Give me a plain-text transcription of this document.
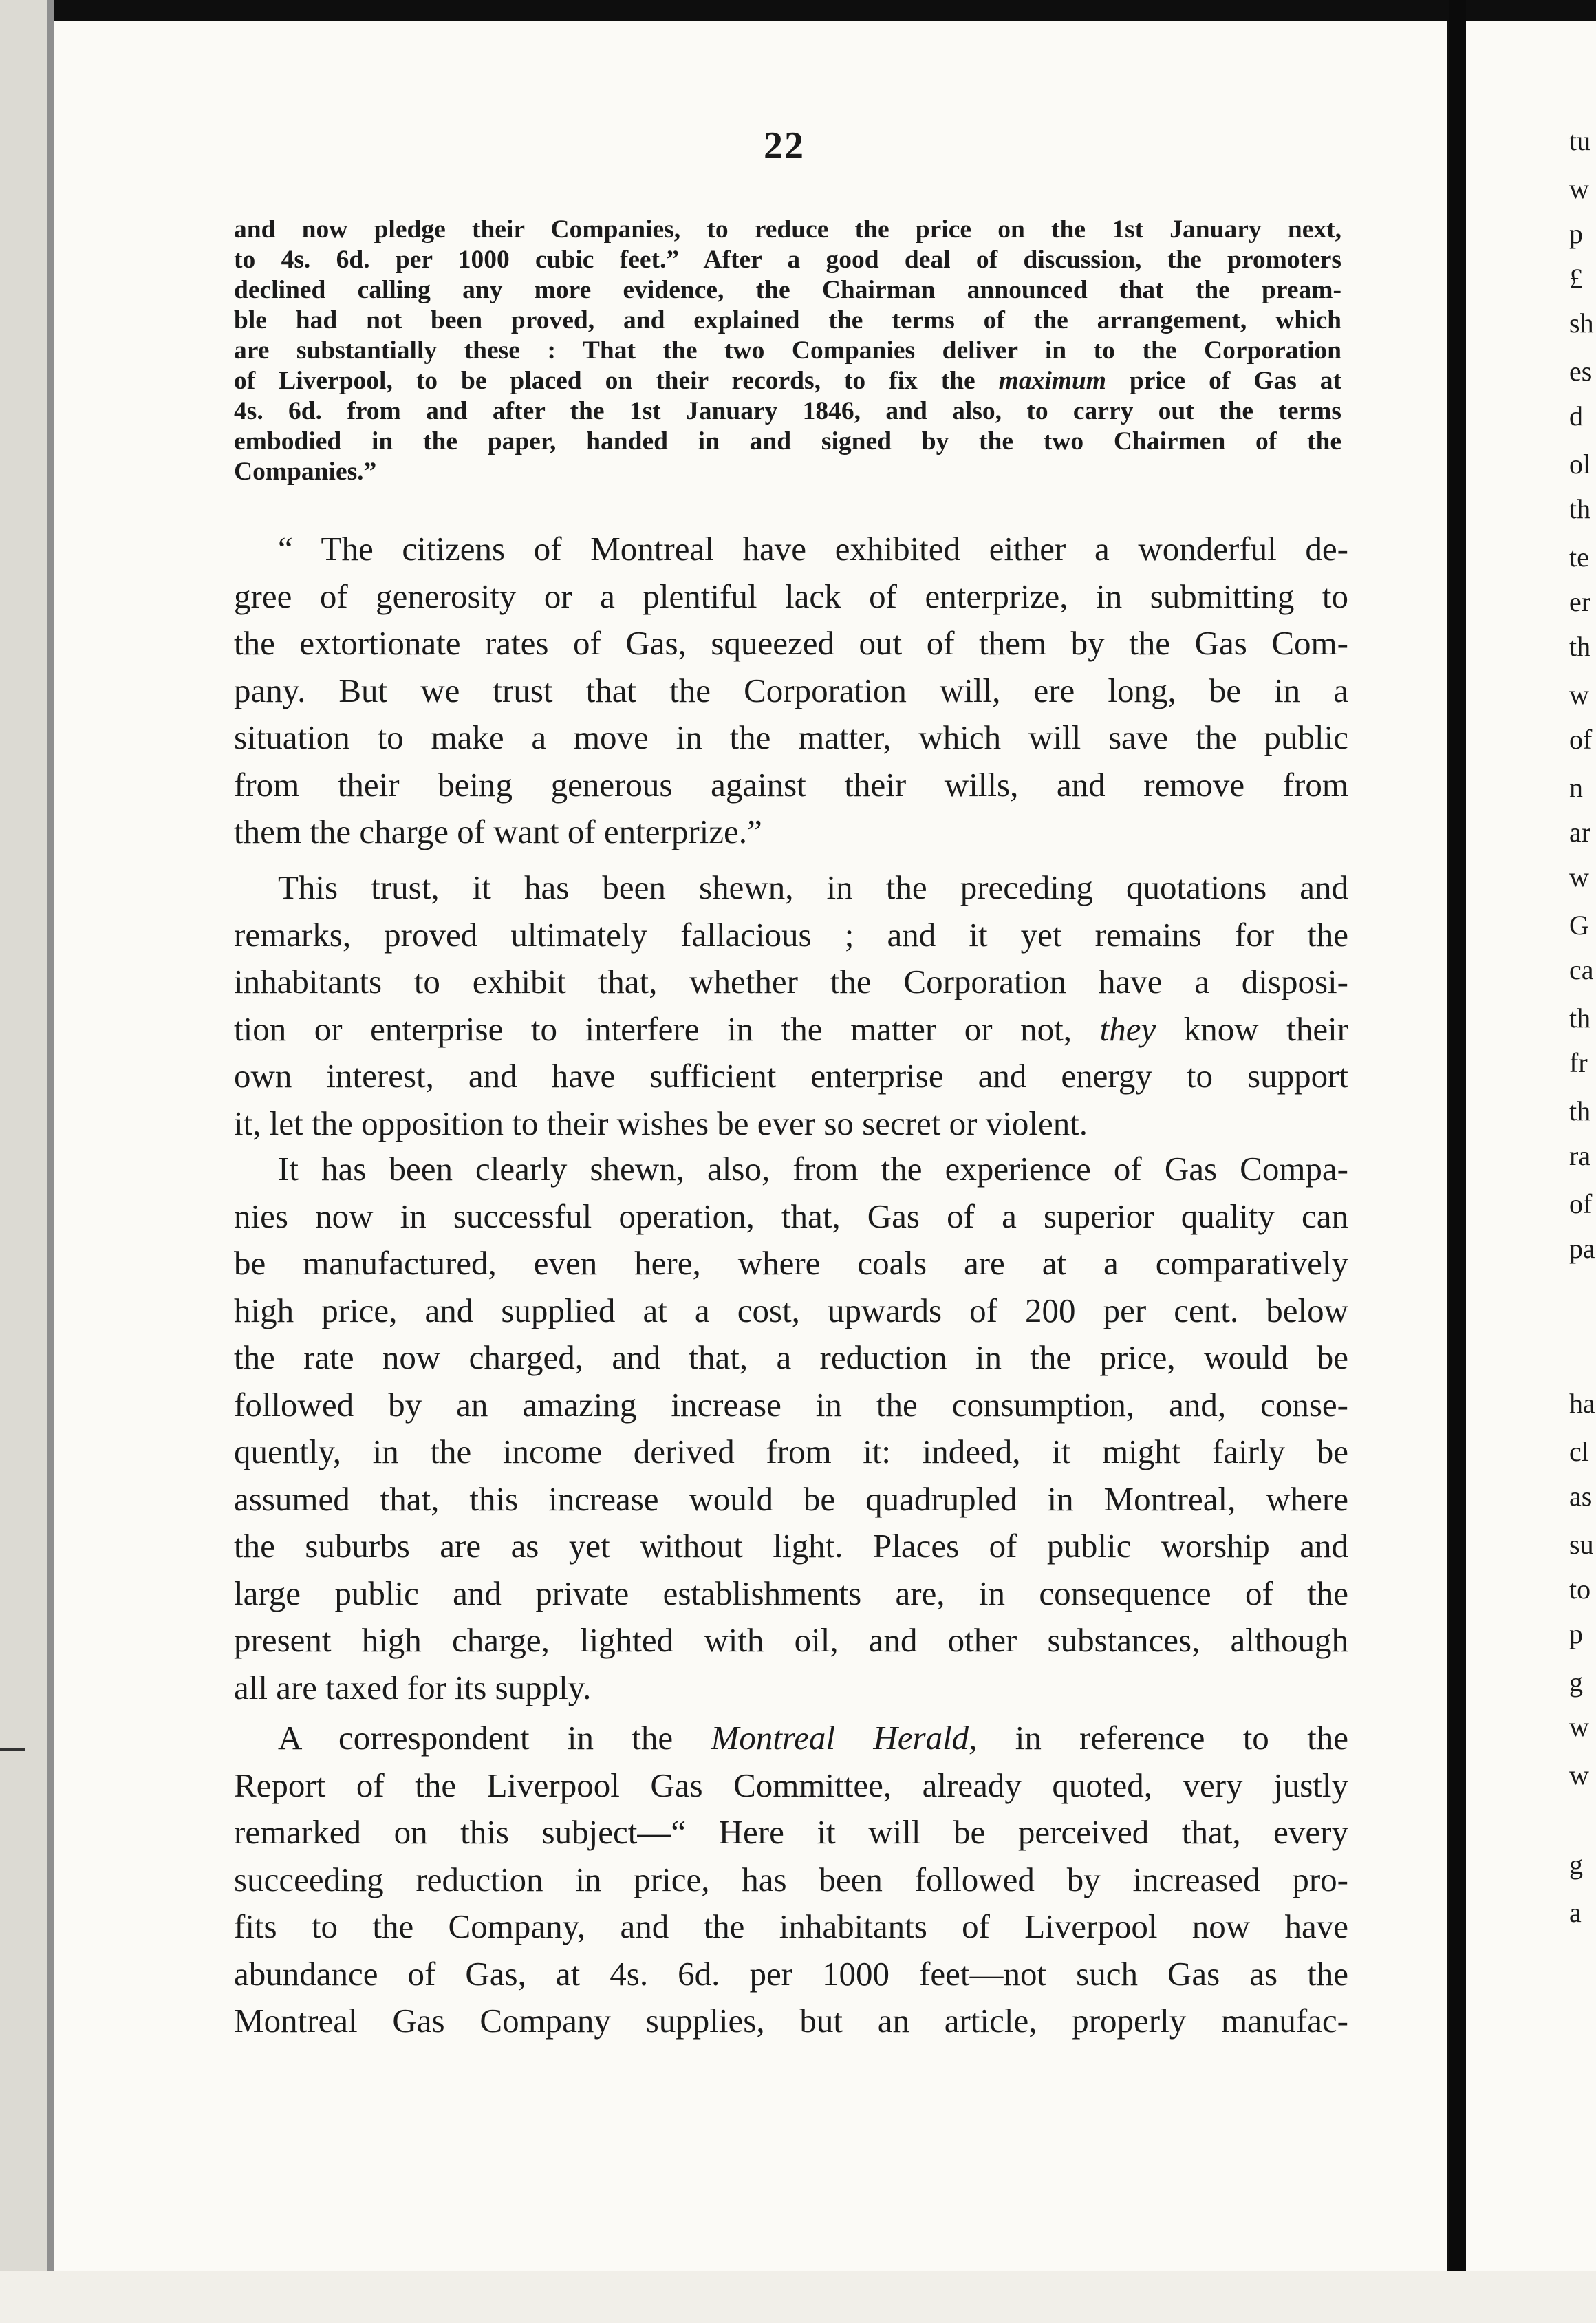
22
and now pledge their Companies, to reduce the price on the 1st January next,
to 4s. 6d. per 1000 cubic feet.” After a good deal of discussion, the promoters
declined calling any more evidence, the Chairman announced that the pream-
ble had not been proved, and explained the terms of the arrangement, which
are substantially these : That the two Companies deliver in to the Corporation
of Liverpool, to be placed on their records, to fix the maximum price of Gas at
4s. 6d. from and after the 1st January 1846, and also, to carry out the terms
embodied in the paper, handed in and signed by the two Chairmen of the
Companies.”
“ The citizens of Montreal have exhibited either a wonderful de-
gree of generosity or a plentiful lack of enterprize, in submitting to
the extortionate rates of Gas, squeezed out of them by the Gas Com-
pany. But we trust that the Corporation will, ere long, be in a
situation to make a move in the matter, which will save the public
from their being generous against their wills, and remove from
them the charge of want of enterprize.”
This trust, it has been shewn, in the preceding quotations and
remarks, proved ultimately fallacious ; and it yet remains for the
inhabitants to exhibit that, whether the Corporation have a disposi-
tion or enterprise to interfere in the matter or not, they know their
own interest, and have sufficient enterprise and energy to support
it, let the opposition to their wishes be ever so secret or violent.
It has been clearly shewn, also, from the experience of Gas Compa-
nies now in successful operation, that, Gas of a superior quality can
be manufactured, even here, where coals are at a comparatively
high price, and supplied at a cost, upwards of 200 per cent. below
the rate now charged, and that, a reduction in the price, would be
followed by an amazing increase in the consumption, and, conse-
quently, in the income derived from it: indeed, it might fairly be
assumed that, this increase would be quadrupled in Montreal, where
the suburbs are as yet without light. Places of public worship and
large public and private establishments are, in consequence of the
present high charge, lighted with oil, and other substances, although
all are taxed for its supply.
A correspondent in the Montreal Herald, in reference to the
Report of the Liverpool Gas Committee, already quoted, very justly
remarked on this subject—“ Here it will be perceived that, every
succeeding reduction in price, has been followed by increased pro-
fits to the Company, and the inhabitants of Liverpool now have
abundance of Gas, at 4s. 6d. per 1000 feet—not such Gas as the
Montreal Gas Company supplies, but an article, properly manufac-
tu
w
p
£
sh
es
d
ol
th
te
er
th
w
of
n
ar
w
G
ca
th
fr
th
ra
of
pa
ha
cl
as
su
to
p
g
w
w
g
a
